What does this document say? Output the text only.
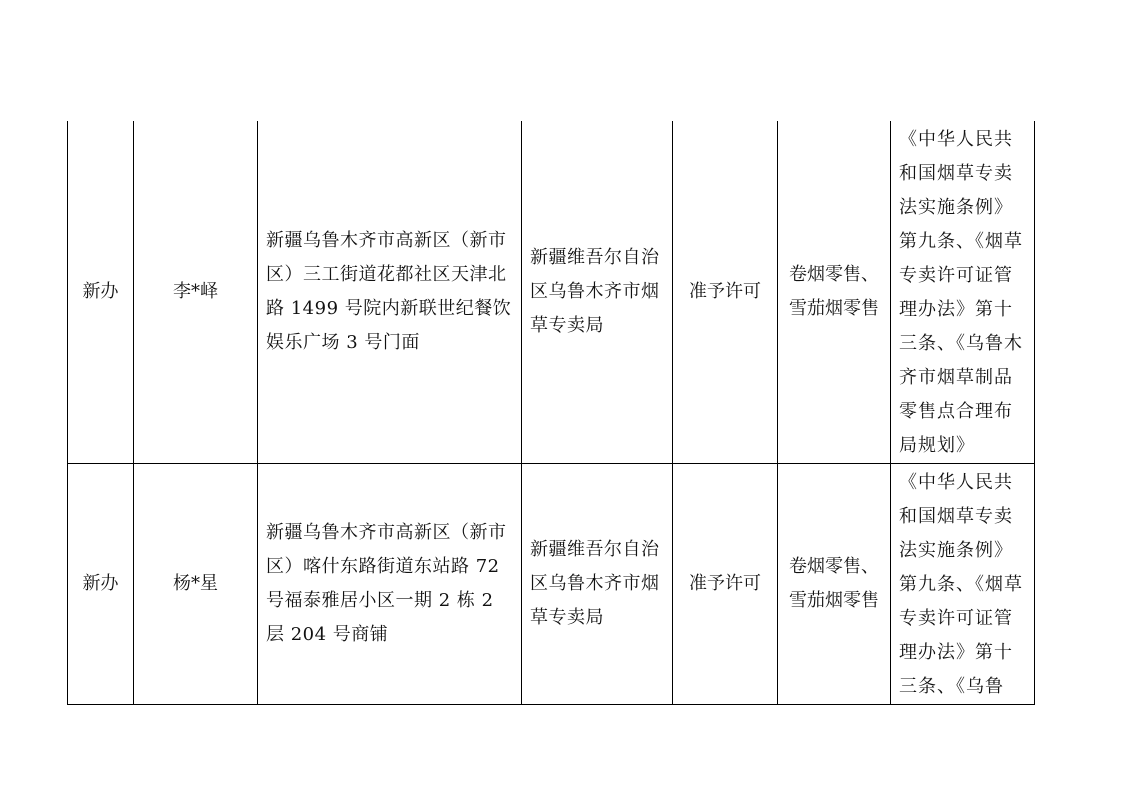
新办	李*峄	新疆乌鲁木齐市高新区（新市区）三工街道花都社区天津北路 1499 号院内新联世纪餐饮娱乐广场 3 号门面	新疆维吾尔自治区乌鲁木齐市烟草专卖局	准予许可	卷烟零售、雪茄烟零售	《中华人民共和国烟草专卖法实施条例》第九条、《烟草专卖许可证管理办法》第十三条、《乌鲁木齐市烟草制品零售点合理布局规划》

新办	杨*星	新疆乌鲁木齐市高新区（新市区）喀什东路街道东站路 72 号福泰雅居小区一期 2 栋 2 层 204 号商铺	新疆维吾尔自治区乌鲁木齐市烟草专卖局	准予许可	卷烟零售、雪茄烟零售	《中华人民共和国烟草专卖法实施条例》第九条、《烟草专卖许可证管理办法》第十三条、《乌鲁
